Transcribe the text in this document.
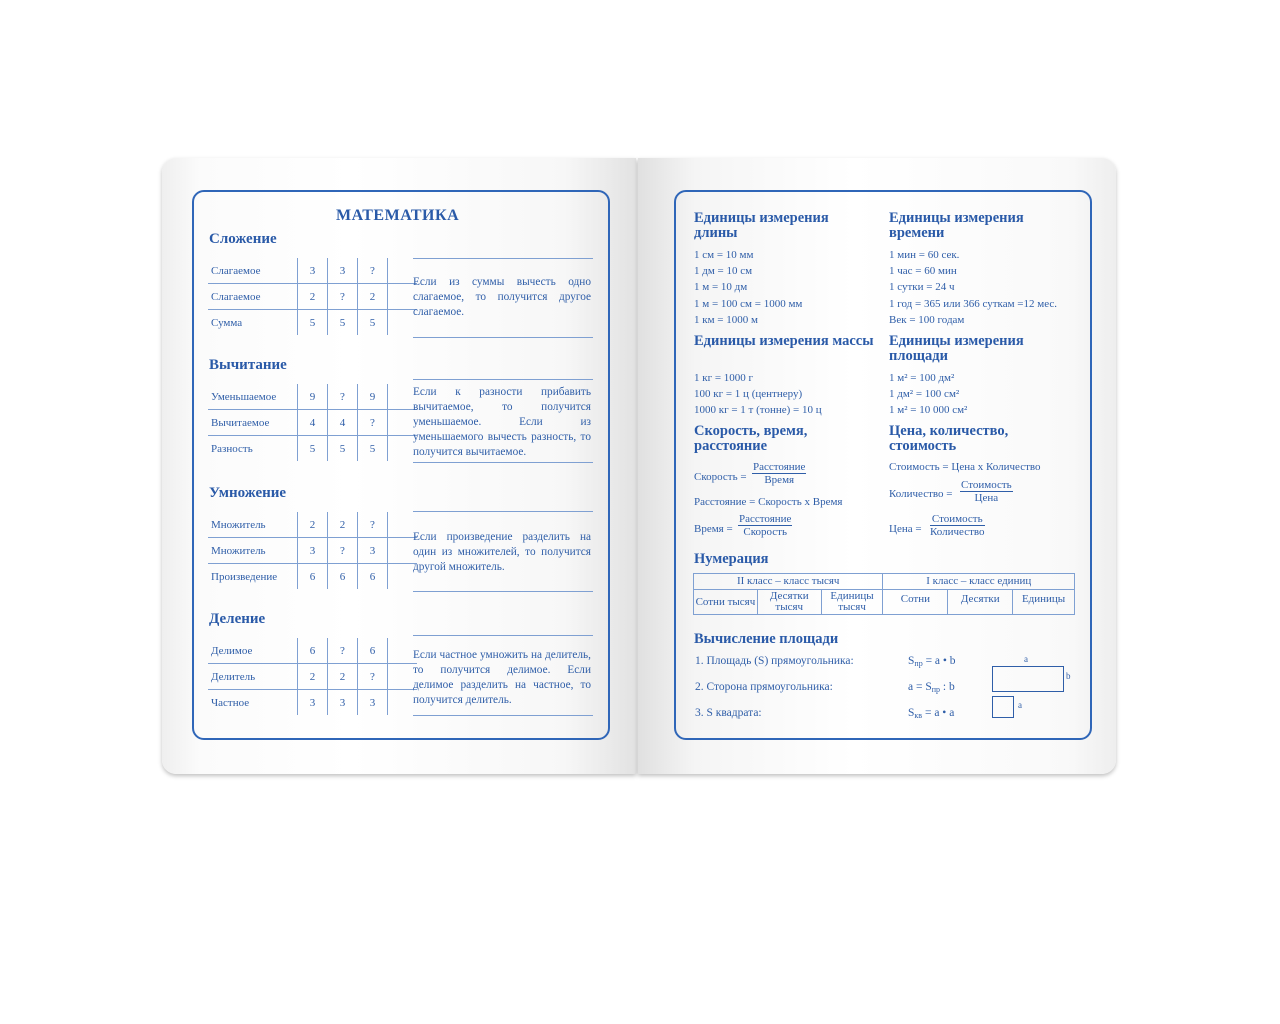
МАТЕМАТИКА
Сложение
Слагаемое	3	3	?	
Слагаемое	2	?	2	
Сумма	5	5	5	
Если из суммы вычесть одно слагаемое, то получится другое слагаемое.
Вычитание
Уменьшаемое	9	?	9	
Вычитаемое	4	4	?	
Разность	5	5	5	
Если к разности прибавить вычитаемое, то получится уменьшаемое. Если из уменьшаемого вычесть разность, то получится вычитаемое.
Умножение
Множитель	2	2	?	
Множитель	3	?	3	
Произведение	6	6	6	
Если произведение разделить на один из множителей, то получится другой множитель.
Деление
Делимое	6	?	6	
Делитель	2	2	?	
Частное	3	3	3	
Если частное умножить на делитель, то получится делимое. Если делимое разделить на частное, то получится делитель.
Единицы измерения длины
1 см = 10 мм
1 дм = 10 см
1 м = 10 дм
1 м = 100 см = 1000 мм
1 км = 1000 м
Единицы измерения времени
1 мин = 60 сек.
1 час = 60 мин
1 сутки = 24 ч
1 год = 365 или 366 суткам =12 мес.
Век = 100 годам
Единицы измерения массы
1 кг = 1000 г
100 кг = 1 ц (центнеру)
1000 кг = 1 т (тонне) = 10 ц
Единицы измерения площади
1 м² = 100 дм²
1 дм² = 100 см²
1 м² = 10 000 см²
Скорость, время, расстояние
Скорость =
Расстояние
Время
Расстояние = Скорость х Время
Время =
Расстояние
Скорость
Цена, количество, стоимость
Стоимость = Цена х Количество
Количество =
Стоимость
Цена
Цена =
Стоимость
Количество
Нумерация
II класс – класс тысяч			I класс – класс единиц		
Сотни тысяч	Десятки тысяч	Единицы тысяч	Сотни	Десятки	Единицы
Вычисление площади
1. Площадь (S) прямоугольника:	$S_{пр} = a$ • b
2. Сторона прямоугольника:	$a = S_{пр}$ : b
3. S квадрата:	$S_{кв} = a$ • a
a
b
a
